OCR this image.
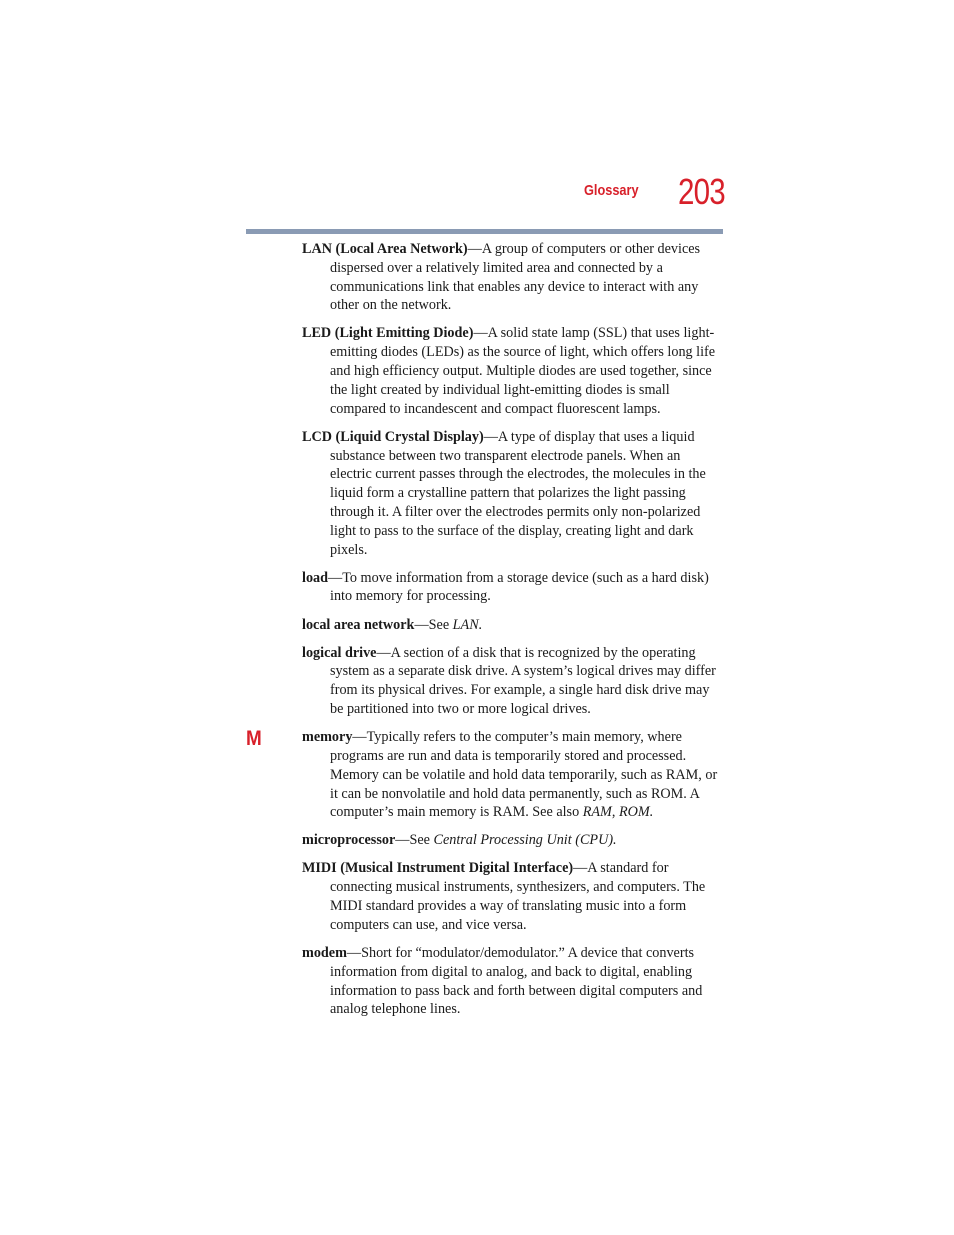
Glossary 203
M

LAN (Local Area Network)—A group of computers or other devices dispersed over a relatively limited area and connected by a communications link that enables any device to interact with any other on the network.

LED (Light Emitting Diode)—A solid state lamp (SSL) that uses light-emitting diodes (LEDs) as the source of light, which offers long life and high efficiency output. Multiple diodes are used together, since the light created by individual light-emitting diodes is small compared to incandescent and compact fluorescent lamps.

LCD (Liquid Crystal Display)—A type of display that uses a liquid substance between two transparent electrode panels. When an electric current passes through the electrodes, the molecules in the liquid form a crystalline pattern that polarizes the light passing through it. A filter over the electrodes permits only non-polarized light to pass to the surface of the display, creating light and dark pixels.

load—To move information from a storage device (such as a hard disk) into memory for processing.

local area network—See LAN.

logical drive—A section of a disk that is recognized by the operating system as a separate disk drive. A system’s logical drives may differ from its physical drives. For example, a single hard disk drive may be partitioned into two or more logical drives.

memory—Typically refers to the computer’s main memory, where programs are run and data is temporarily stored and processed. Memory can be volatile and hold data temporarily, such as RAM, or it can be nonvolatile and hold data permanently, such as ROM. A computer’s main memory is RAM. See also RAM, ROM.

microprocessor—See Central Processing Unit (CPU).

MIDI (Musical Instrument Digital Interface)—A standard for connecting musical instruments, synthesizers, and computers. The MIDI standard provides a way of translating music into a form computers can use, and vice versa.

modem—Short for “modulator/demodulator.” A device that converts information from digital to analog, and back to digital, enabling information to pass back and forth between digital computers and analog telephone lines.
